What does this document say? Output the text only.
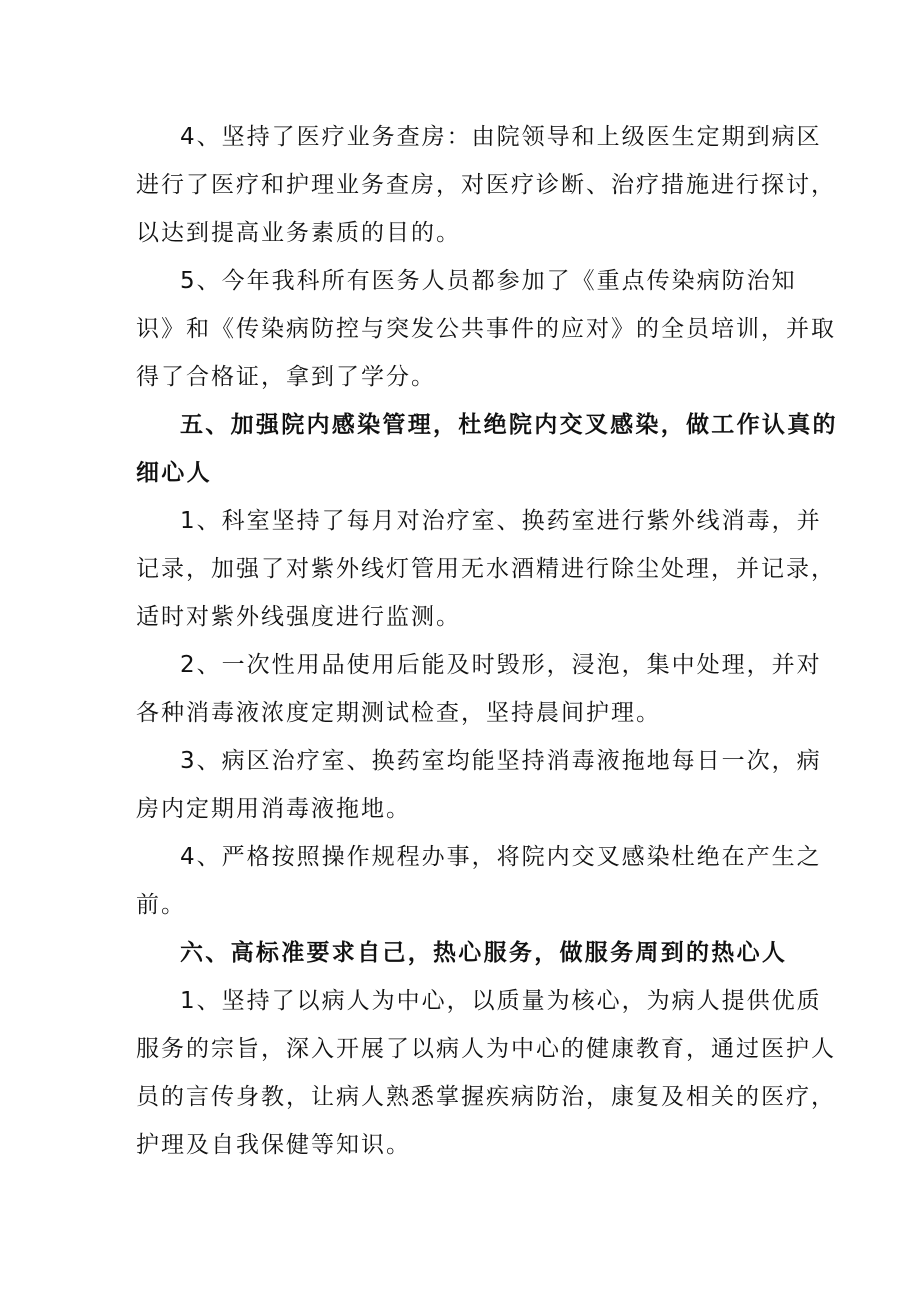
4、坚持了医疗业务查房：由院领导和上级医生定期到病区
进行了医疗和护理业务查房，对医疗诊断、治疗措施进行探讨，
以达到提高业务素质的目的。
5、今年我科所有医务人员都参加了《重点传染病防治知
识》和《传染病防控与突发公共事件的应对》的全员培训，并取
得了合格证，拿到了学分。
五、加强院内感染管理，杜绝院内交叉感染，做工作认真的
细心人
1、科室坚持了每月对治疗室、换药室进行紫外线消毒，并
记录，加强了对紫外线灯管用无水酒精进行除尘处理，并记录，
适时对紫外线强度进行监测。
2、一次性用品使用后能及时毁形，浸泡，集中处理，并对
各种消毒液浓度定期测试检查，坚持晨间护理。
3、病区治疗室、换药室均能坚持消毒液拖地每日一次，病
房内定期用消毒液拖地。
4、严格按照操作规程办事，将院内交叉感染杜绝在产生之
前。
六、高标准要求自己，热心服务，做服务周到的热心人
1、坚持了以病人为中心，以质量为核心，为病人提供优质
服务的宗旨，深入开展了以病人为中心的健康教育，通过医护人
员的言传身教，让病人熟悉掌握疾病防治，康复及相关的医疗，
护理及自我保健等知识。
